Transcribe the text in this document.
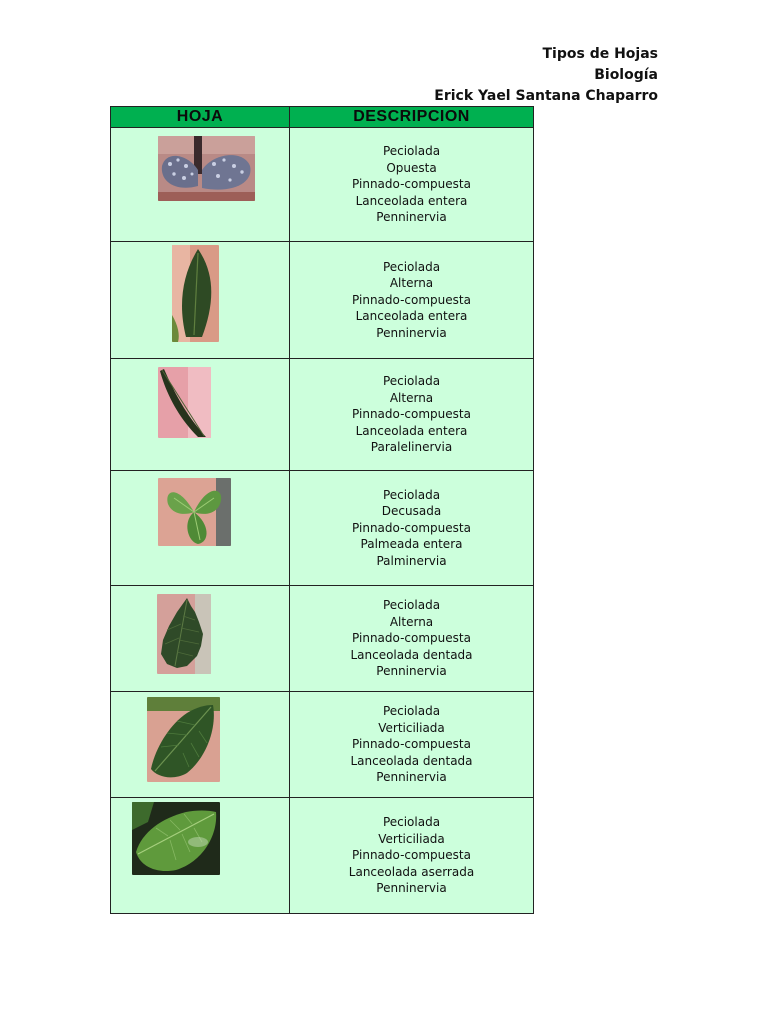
Tipos de Hojas
Biología
Erick Yael Santana Chaparro
HOJA	DESCRIPCION

Peciolada
Opuesta
Pinnado-compuesta
Lanceolada entera
Penninervia

Peciolada
Alterna
Pinnado-compuesta
Lanceolada entera
Penninervia

Peciolada
Alterna
Pinnado-compuesta
Lanceolada entera
Paralelinervia

Peciolada
Decusada
Pinnado-compuesta
Palmeada entera
Palminervia

Peciolada
Alterna
Pinnado-compuesta
Lanceolada dentada
Penninervia

Peciolada
Verticiliada
Pinnado-compuesta
Lanceolada dentada
Penninervia

Peciolada
Verticiliada
Pinnado-compuesta
Lanceolada aserrada
Penninervia
